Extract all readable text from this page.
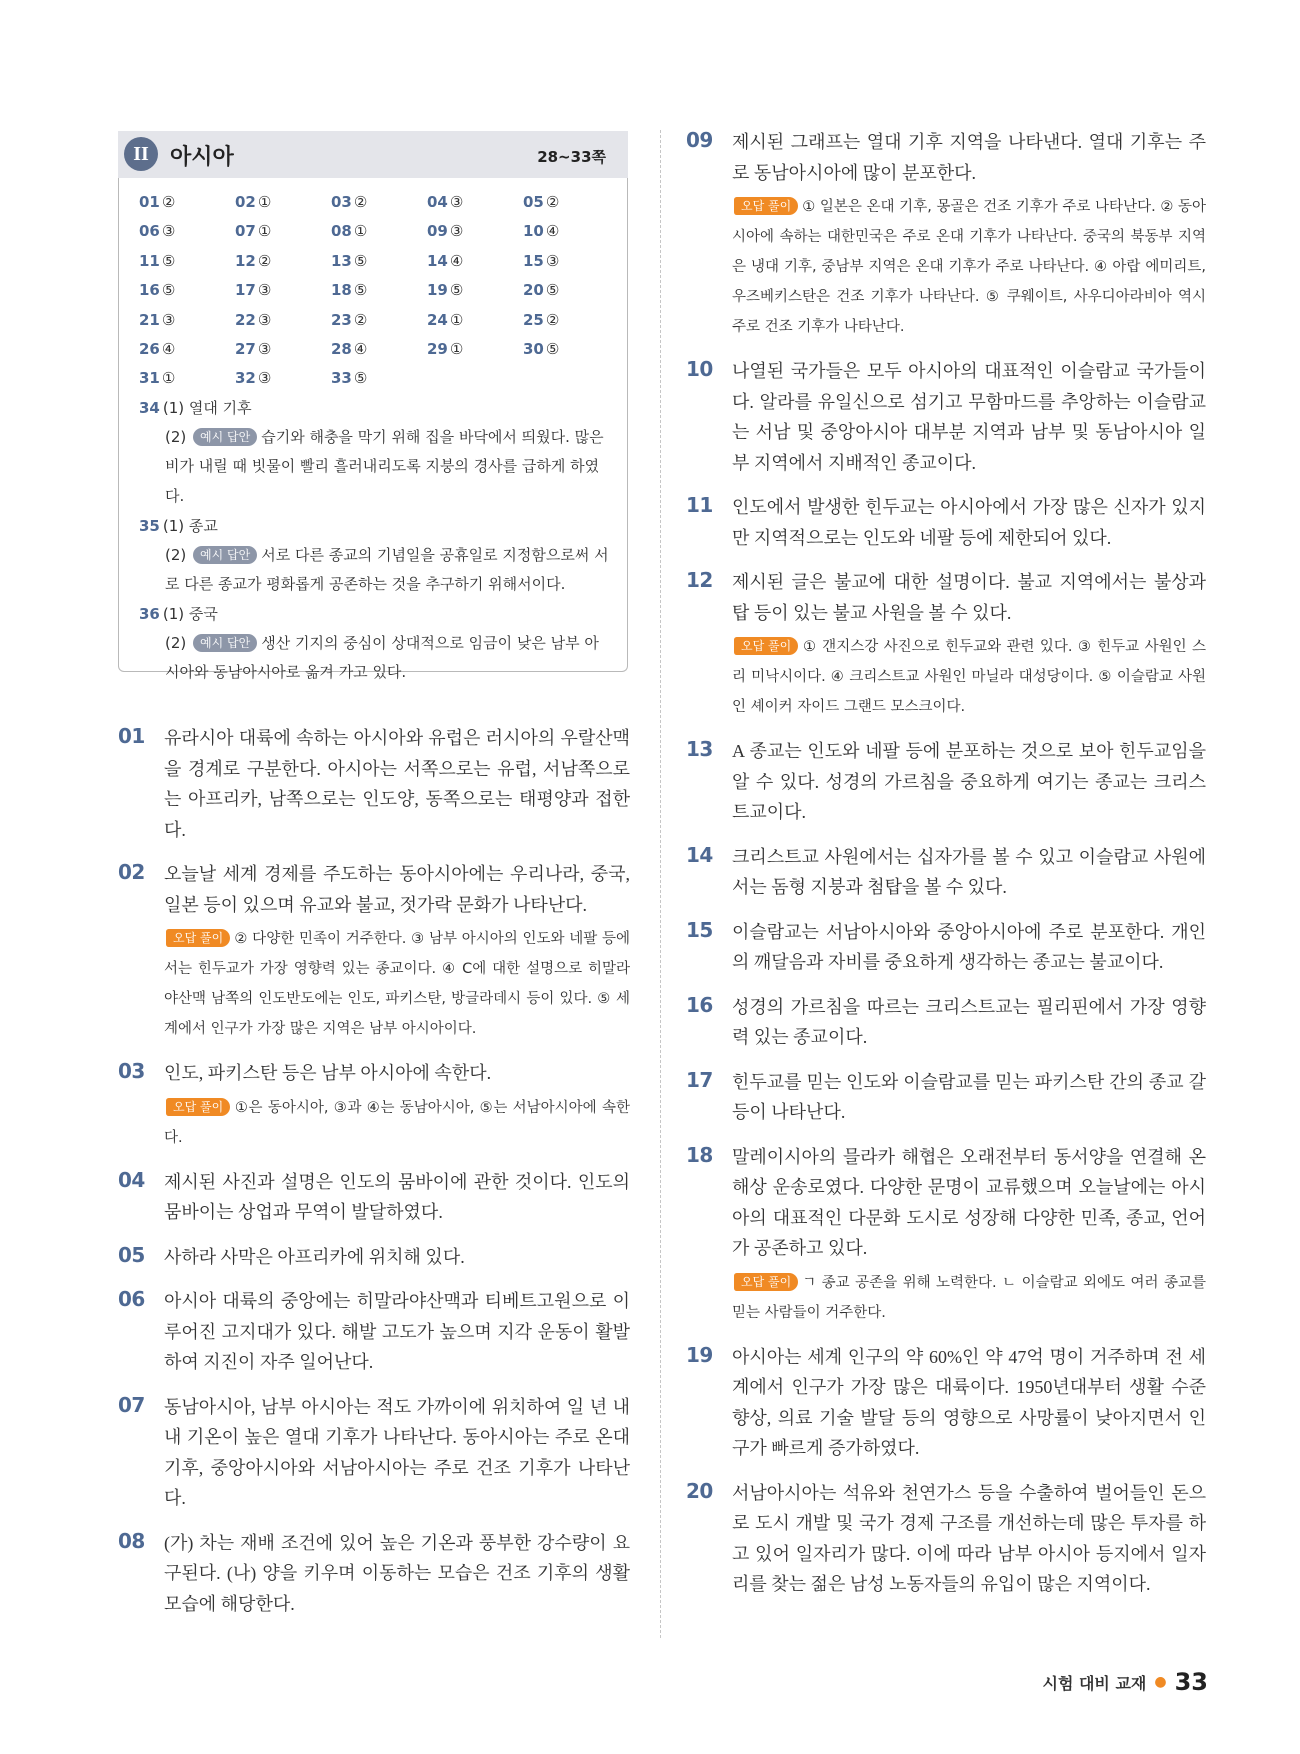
II 아시아	28~33쪽
01 ②	02 ①	03 ②	04 ③	05 ②
06 ③	07 ①	08 ①	09 ③	10 ④
11 ⑤	12 ②	13 ⑤	14 ④	15 ③
16 ⑤	17 ③	18 ⑤	19 ⑤	20 ⑤
21 ③	22 ③	23 ②	24 ①	25 ②
26 ④	27 ③	28 ④	29 ①	30 ⑤
31 ①	32 ③	33 ⑤
34 (1) 열대 기후
(2) 예시 답안 습기와 해충을 막기 위해 집을 바닥에서 띄웠다. 많은 비가 내릴 때 빗물이 빨리 흘러내리도록 지붕의 경사를 급하게 하였다.
35 (1) 종교
(2) 예시 답안 서로 다른 종교의 기념일을 공휴일로 지정함으로써 서로 다른 종교가 평화롭게 공존하는 것을 추구하기 위해서이다.
36 (1) 중국
(2) 예시 답안 생산 기지의 중심이 상대적으로 임금이 낮은 남부 아시아와 동남아시아로 옮겨 가고 있다.
01 유라시아 대륙에 속하는 아시아와 유럽은 러시아의 우랄산맥을 경계로 구분한다. 아시아는 서쪽으로는 유럽, 서남쪽으로는 아프리카, 남쪽으로는 인도양, 동쪽으로는 태평양과 접한다.

02 오늘날 세계 경제를 주도하는 동아시아에는 우리나라, 중국, 일본 등이 있으며 유교와 불교, 젓가락 문화가 나타난다.

오답 풀이 ② 다양한 민족이 거주한다. ③ 남부 아시아의 인도와 네팔 등에서는 힌두교가 가장 영향력 있는 종교이다. ④ C에 대한 설명으로 히말라야산맥 남쪽의 인도반도에는 인도, 파키스탄, 방글라데시 등이 있다. ⑤ 세계에서 인구가 가장 많은 지역은 남부 아시아이다.

03 인도, 파키스탄 등은 남부 아시아에 속한다.

오답 풀이 ①은 동아시아, ③과 ④는 동남아시아, ⑤는 서남아시아에 속한다.

04 제시된 사진과 설명은 인도의 뭄바이에 관한 것이다. 인도의 뭄바이는 상업과 무역이 발달하였다.

05 사하라 사막은 아프리카에 위치해 있다.

06 아시아 대륙의 중앙에는 히말라야산맥과 티베트고원으로 이루어진 고지대가 있다. 해발 고도가 높으며 지각 운동이 활발하여 지진이 자주 일어난다.

07 동남아시아, 남부 아시아는 적도 가까이에 위치하여 일 년 내내 기온이 높은 열대 기후가 나타난다. 동아시아는 주로 온대 기후, 중앙아시아와 서남아시아는 주로 건조 기후가 나타난다.

08 (가) 차는 재배 조건에 있어 높은 기온과 풍부한 강수량이 요구된다. (나) 양을 키우며 이동하는 모습은 건조 기후의 생활 모습에 해당한다.

09 제시된 그래프는 열대 기후 지역을 나타낸다. 열대 기후는 주로 동남아시아에 많이 분포한다.

오답 풀이 ① 일본은 온대 기후, 몽골은 건조 기후가 주로 나타난다. ② 동아시아에 속하는 대한민국은 주로 온대 기후가 나타난다. 중국의 북동부 지역은 냉대 기후, 중남부 지역은 온대 기후가 주로 나타난다. ④ 아랍 에미리트, 우즈베키스탄은 건조 기후가 나타난다. ⑤ 쿠웨이트, 사우디아라비아 역시 주로 건조 기후가 나타난다.

10 나열된 국가들은 모두 아시아의 대표적인 이슬람교 국가들이다. 알라를 유일신으로 섬기고 무함마드를 추앙하는 이슬람교는 서남 및 중앙아시아 대부분 지역과 남부 및 동남아시아 일부 지역에서 지배적인 종교이다.

11 인도에서 발생한 힌두교는 아시아에서 가장 많은 신자가 있지만 지역적으로는 인도와 네팔 등에 제한되어 있다.

12 제시된 글은 불교에 대한 설명이다. 불교 지역에서는 불상과 탑 등이 있는 불교 사원을 볼 수 있다.

오답 풀이 ① 갠지스강 사진으로 힌두교와 관련 있다. ③ 힌두교 사원인 스리 미낙시이다. ④ 크리스트교 사원인 마닐라 대성당이다. ⑤ 이슬람교 사원인 셰이커 자이드 그랜드 모스크이다.

13 A 종교는 인도와 네팔 등에 분포하는 것으로 보아 힌두교임을 알 수 있다. 성경의 가르침을 중요하게 여기는 종교는 크리스트교이다.

14 크리스트교 사원에서는 십자가를 볼 수 있고 이슬람교 사원에서는 돔형 지붕과 첨탑을 볼 수 있다.

15 이슬람교는 서남아시아와 중앙아시아에 주로 분포한다. 개인의 깨달음과 자비를 중요하게 생각하는 종교는 불교이다.

16 성경의 가르침을 따르는 크리스트교는 필리핀에서 가장 영향력 있는 종교이다.

17 힌두교를 믿는 인도와 이슬람교를 믿는 파키스탄 간의 종교 갈등이 나타난다.

18 말레이시아의 믈라카 해협은 오래전부터 동서양을 연결해 온 해상 운송로였다. 다양한 문명이 교류했으며 오늘날에는 아시아의 대표적인 다문화 도시로 성장해 다양한 민족, 종교, 언어가 공존하고 있다.

오답 풀이 ㄱ 종교 공존을 위해 노력한다. ㄴ 이슬람교 외에도 여러 종교를 믿는 사람들이 거주한다.

19 아시아는 세계 인구의 약 60%인 약 47억 명이 거주하며 전 세계에서 인구가 가장 많은 대륙이다. 1950년대부터 생활 수준 향상, 의료 기술 발달 등의 영향으로 사망률이 낮아지면서 인구가 빠르게 증가하였다.

20 서남아시아는 석유와 천연가스 등을 수출하여 벌어들인 돈으로 도시 개발 및 국가 경제 구조를 개선하는데 많은 투자를 하고 있어 일자리가 많다. 이에 따라 남부 아시아 등지에서 일자리를 찾는 젊은 남성 노동자들의 유입이 많은 지역이다.

시험 대비 교재 ● 33
